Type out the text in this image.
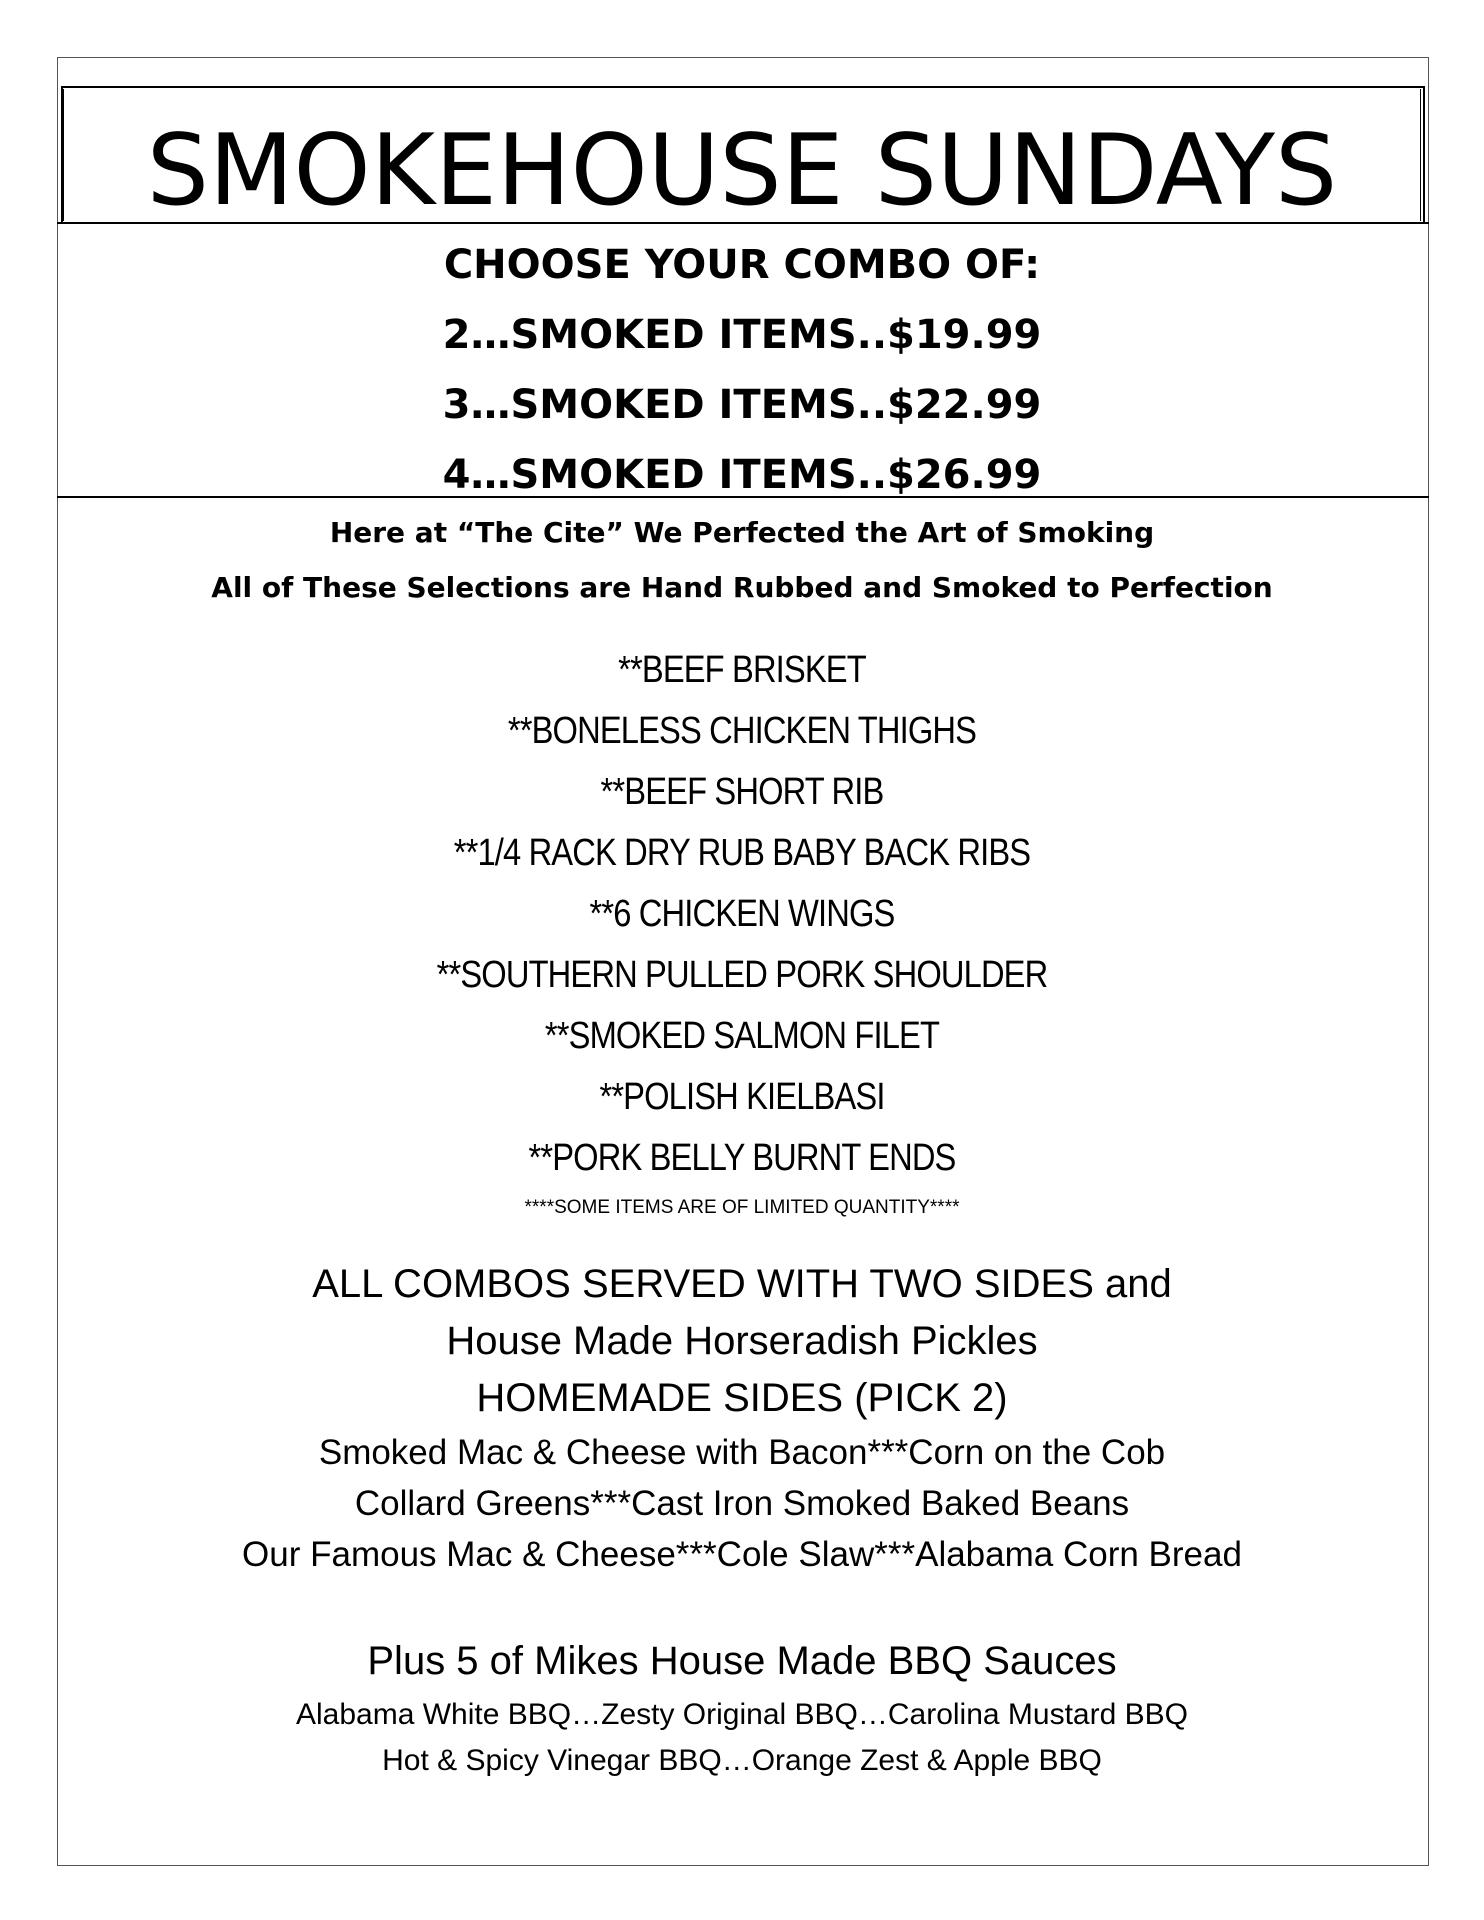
SMOKEHOUSE SUNDAYS
CHOOSE YOUR COMBO OF:
2…SMOKED ITEMS..$19.99
3…SMOKED ITEMS..$22.99
4…SMOKED ITEMS..$26.99
Here at “The Cite” We Perfected the Art of Smoking
All of These Selections are Hand Rubbed and Smoked to Perfection
**BEEF BRISKET
**BONELESS CHICKEN THIGHS
**BEEF SHORT RIB
**1/4 RACK DRY RUB BABY BACK RIBS
**6 CHICKEN WINGS
**SOUTHERN PULLED PORK SHOULDER
**SMOKED SALMON FILET
**POLISH KIELBASI
**PORK BELLY BURNT ENDS
****SOME ITEMS ARE OF LIMITED QUANTITY****
ALL COMBOS SERVED WITH TWO SIDES and
House Made Horseradish Pickles
HOMEMADE SIDES (PICK 2)
Smoked Mac & Cheese with Bacon***Corn on the Cob
Collard Greens***Cast Iron Smoked Baked Beans
Our Famous Mac & Cheese***Cole Slaw***Alabama Corn Bread
Plus 5 of Mikes House Made BBQ Sauces
Alabama White BBQ…Zesty Original BBQ…Carolina Mustard BBQ
Hot & Spicy Vinegar BBQ…Orange Zest & Apple BBQ
